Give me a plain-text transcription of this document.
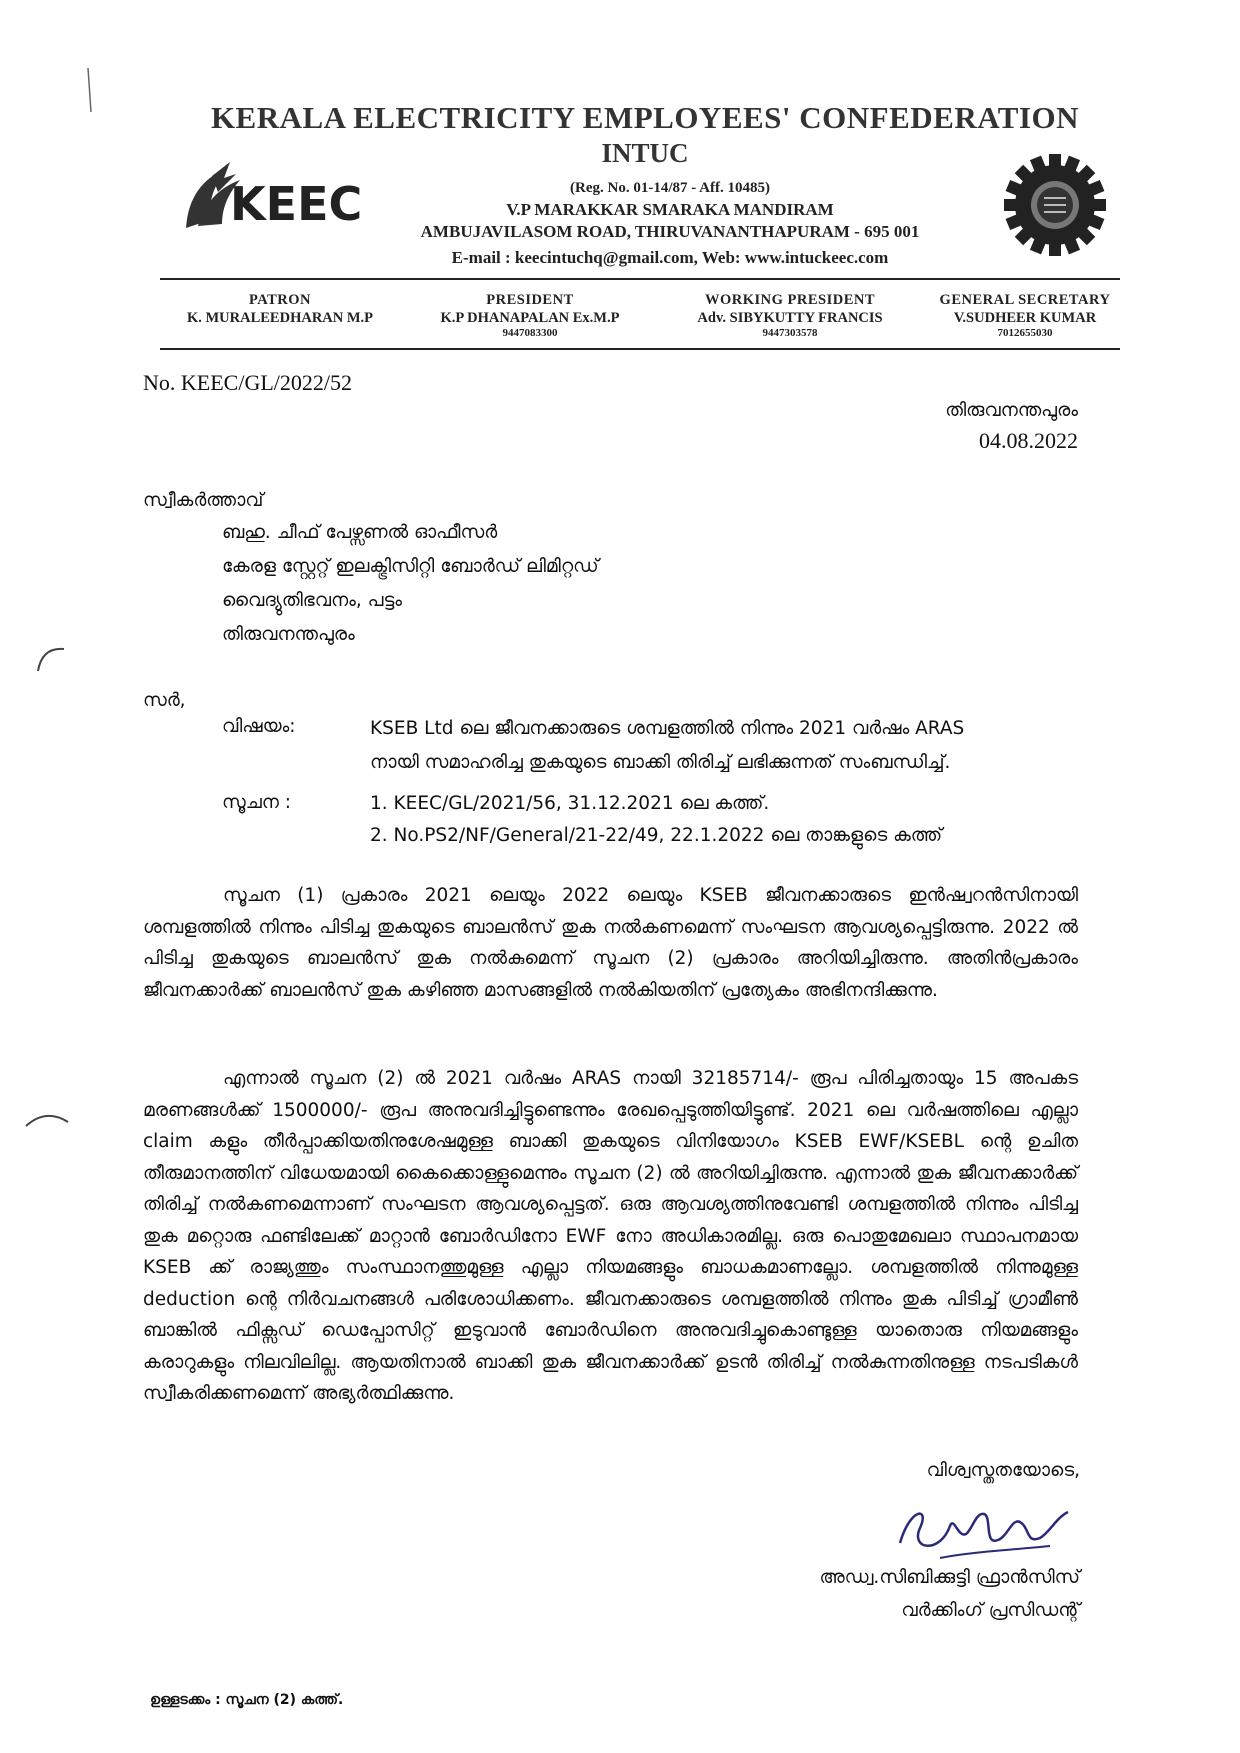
KERALA ELECTRICITY EMPLOYEES' CONFEDERATION
INTUC
KEEC	(Reg. No. 01-14/87 - Aff. 10485)
V.P MARAKKAR SMARAKA MANDIRAM
AMBUJAVILASOM ROAD, THIRUVANANTHAPURAM - 695 001
E-mail : keecintuchq@gmail.com, Web: www.intuckeec.com
PATRON
K. MURALEEDHARAN M.P
PRESIDENT
K.P DHANAPALAN Ex.M.P
9447083300
WORKING PRESIDENT
Adv. SIBYKUTTY FRANCIS
9447303578
GENERAL SECRETARY
V.SUDHEER KUMAR
7012655030
No. KEEC/GL/2022/52
തിരുവനന്തപുരം
04.08.2022
സ്വീകർത്താവ്
ബഹു. ചീഫ് പേഴ്സണൽ ഓഫീസർ
കേരള സ്റ്റേറ്റ് ഇലക്ട്രിസിറ്റി ബോർഡ് ലിമിറ്റഡ്
വൈദ്യുതിഭവനം, പട്ടം
തിരുവനന്തപുരം
സർ,
വിഷയം:	KSEB Ltd ലെ ജീവനക്കാരുടെ ശമ്പളത്തിൽ നിന്നും 2021 വർഷം ARAS
നായി സമാഹരിച്ച തുകയുടെ ബാക്കി തിരിച്ച് ലഭിക്കുന്നത് സംബന്ധിച്ച്.
സൂചന :	1. KEEC/GL/2021/56, 31.12.2021 ലെ കത്ത്.
2. No.PS2/NF/General/21-22/49, 22.1.2022 ലെ താങ്കളുടെ കത്ത്
സൂചന (1) പ്രകാരം 2021 ലെയും 2022 ലെയും KSEB ജീവനക്കാരുടെ ഇൻഷ്വറൻസിനായി ശമ്പളത്തിൽ നിന്നും പിടിച്ച തുകയുടെ ബാലൻസ് തുക നൽകണമെന്ന് സംഘടന ആവശ്യപ്പെട്ടിരുന്നു. 2022 ൽ പിടിച്ച തുകയുടെ ബാലൻസ് തുക നൽകുമെന്ന് സൂചന (2) പ്രകാരം അറിയിച്ചിരുന്നു. അതിൻപ്രകാരം ജീവനക്കാർക്ക് ബാലൻസ് തുക കഴിഞ്ഞ മാസങ്ങളിൽ നൽകിയതിന് പ്രത്യേകം അഭിനന്ദിക്കുന്നു.
എന്നാൽ സൂചന (2) ൽ 2021 വർഷം ARAS നായി 32185714/- രൂപ പിരിച്ചതായും 15 അപകട മരണങ്ങൾക്ക് 1500000/- രൂപ അനുവദിച്ചിട്ടുണ്ടെന്നും രേഖപ്പെടുത്തിയിട്ടുണ്ട്. 2021 ലെ വർഷത്തിലെ എല്ലാ claim കളും തീർപ്പാക്കിയതിനുശേഷമുള്ള ബാക്കി തുകയുടെ വിനിയോഗം KSEB EWF/KSEBL ന്റെ ഉചിത തീരുമാനത്തിന് വിധേയമായി കൈക്കൊള്ളുമെന്നും സൂചന (2) ൽ അറിയിച്ചിരുന്നു. എന്നാൽ തുക ജീവനക്കാർക്ക് തിരിച്ച് നൽകണമെന്നാണ് സംഘടന ആവശ്യപ്പെട്ടത്. ഒരു ആവശ്യത്തിനുവേണ്ടി ശമ്പളത്തിൽ നിന്നും പിടിച്ച തുക മറ്റൊരു ഫണ്ടിലേക്ക് മാറ്റാൻ ബോർഡിനോ EWF നോ അധികാരമില്ല. ഒരു പൊതുമേഖലാ സ്ഥാപനമായ KSEB ക്ക് രാജ്യത്തും സംസ്ഥാനത്തുമുള്ള എല്ലാ നിയമങ്ങളും ബാധകമാണല്ലോ. ശമ്പളത്തിൽ നിന്നുമുള്ള deduction ന്റെ നിർവചനങ്ങൾ പരിശോധിക്കണം. ജീവനക്കാരുടെ ശമ്പളത്തിൽ നിന്നും തുക പിടിച്ച് ഗ്രാമീൺ ബാങ്കിൽ ഫിക്സഡ് ഡെപ്പോസിറ്റ് ഇടുവാൻ ബോർഡിനെ അനുവദിച്ചുകൊണ്ടുള്ള യാതൊരു നിയമങ്ങളും കരാറുകളും നിലവിലില്ല. ആയതിനാൽ ബാക്കി തുക ജീവനക്കാർക്ക് ഉടൻ തിരിച്ച് നൽകുന്നതിനുള്ള നടപടികൾ സ്വീകരിക്കണമെന്ന് അഭ്യർത്ഥിക്കുന്നു.
വിശ്വസ്തതയോടെ,
അഡ്വ.സിബിക്കുട്ടി ഫ്രാൻസിസ്
വർക്കിംഗ് പ്രസിഡന്റ്
ഉള്ളടക്കം : സൂചന (2) കത്ത്.
